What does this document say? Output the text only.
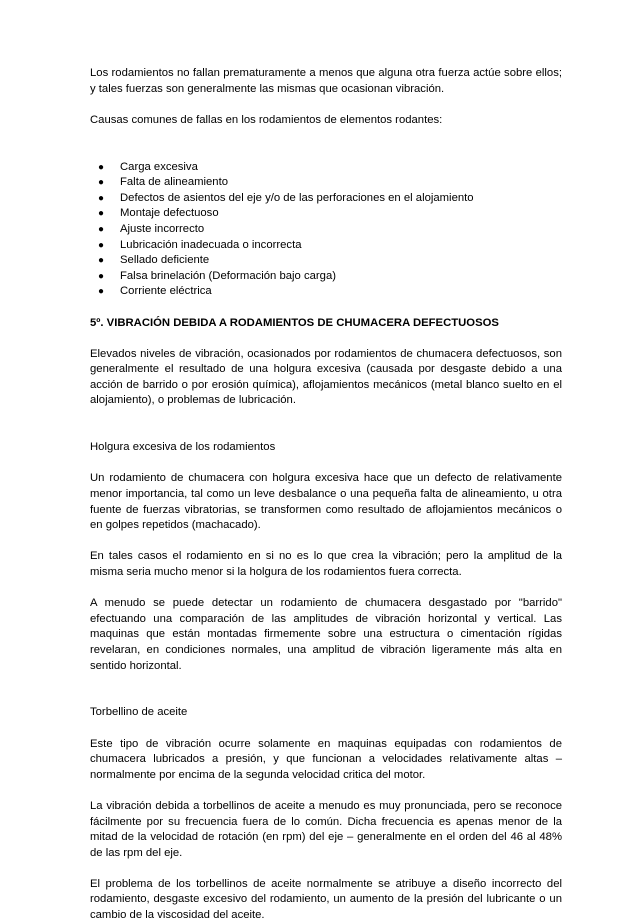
Los rodamientos no fallan prematuramente a menos que alguna otra fuerza actúe sobre ellos; y tales fuerzas son generalmente las mismas que ocasionan vibración.

Causas comunes de fallas en los rodamientos de elementos rodantes:

● Carga excesiva
● Falta de alineamiento
● Defectos de asientos del eje y/o de las perforaciones en el alojamiento
● Montaje defectuoso
● Ajuste incorrecto
● Lubricación inadecuada o incorrecta
● Sellado deficiente
● Falsa brinelación (Deformación bajo carga)
● Corriente eléctrica

5º. VIBRACIÓN DEBIDA A RODAMIENTOS DE CHUMACERA DEFECTUOSOS

Elevados niveles de vibración, ocasionados por rodamientos de chumacera defectuosos, son generalmente el resultado de una holgura excesiva (causada por desgaste debido a una acción de barrido o por erosión química), aflojamientos mecánicos (metal blanco suelto en el alojamiento), o problemas de lubricación.

Holgura excesiva de los rodamientos

Un rodamiento de chumacera con holgura excesiva hace que un defecto de relativamente menor importancia, tal como un leve desbalance o una pequeña falta de alineamiento, u otra fuente de fuerzas vibratorias, se transformen como resultado de aflojamientos mecánicos o en golpes repetidos (machacado).

En tales casos el rodamiento en si no es lo que crea la vibración; pero la amplitud de la misma seria mucho menor si la holgura de los rodamientos fuera correcta.

A menudo se puede detectar un rodamiento de chumacera desgastado por "barrido" efectuando una comparación de las amplitudes de vibración horizontal y vertical. Las maquinas que están montadas firmemente sobre una estructura o cimentación rígidas revelaran, en condiciones normales, una amplitud de vibración ligeramente más alta en sentido horizontal.

Torbellino de aceite

Este tipo de vibración ocurre solamente en maquinas equipadas con rodamientos de chumacera lubricados a presión, y que funcionan a velocidades relativamente altas – normalmente por encima de la segunda velocidad critica del motor.

La vibración debida a torbellinos de aceite a menudo es muy pronunciada, pero se reconoce fácilmente por su frecuencia fuera de lo común. Dicha frecuencia es apenas menor de la mitad de la velocidad de rotación (en rpm) del eje – generalmente en el orden del 46 al 48% de las rpm del eje.

El problema de los torbellinos de aceite normalmente se atribuye a diseño incorrecto del rodamiento, desgaste excesivo del rodamiento, un aumento de la presión del lubricante o un cambio de la viscosidad del aceite.
